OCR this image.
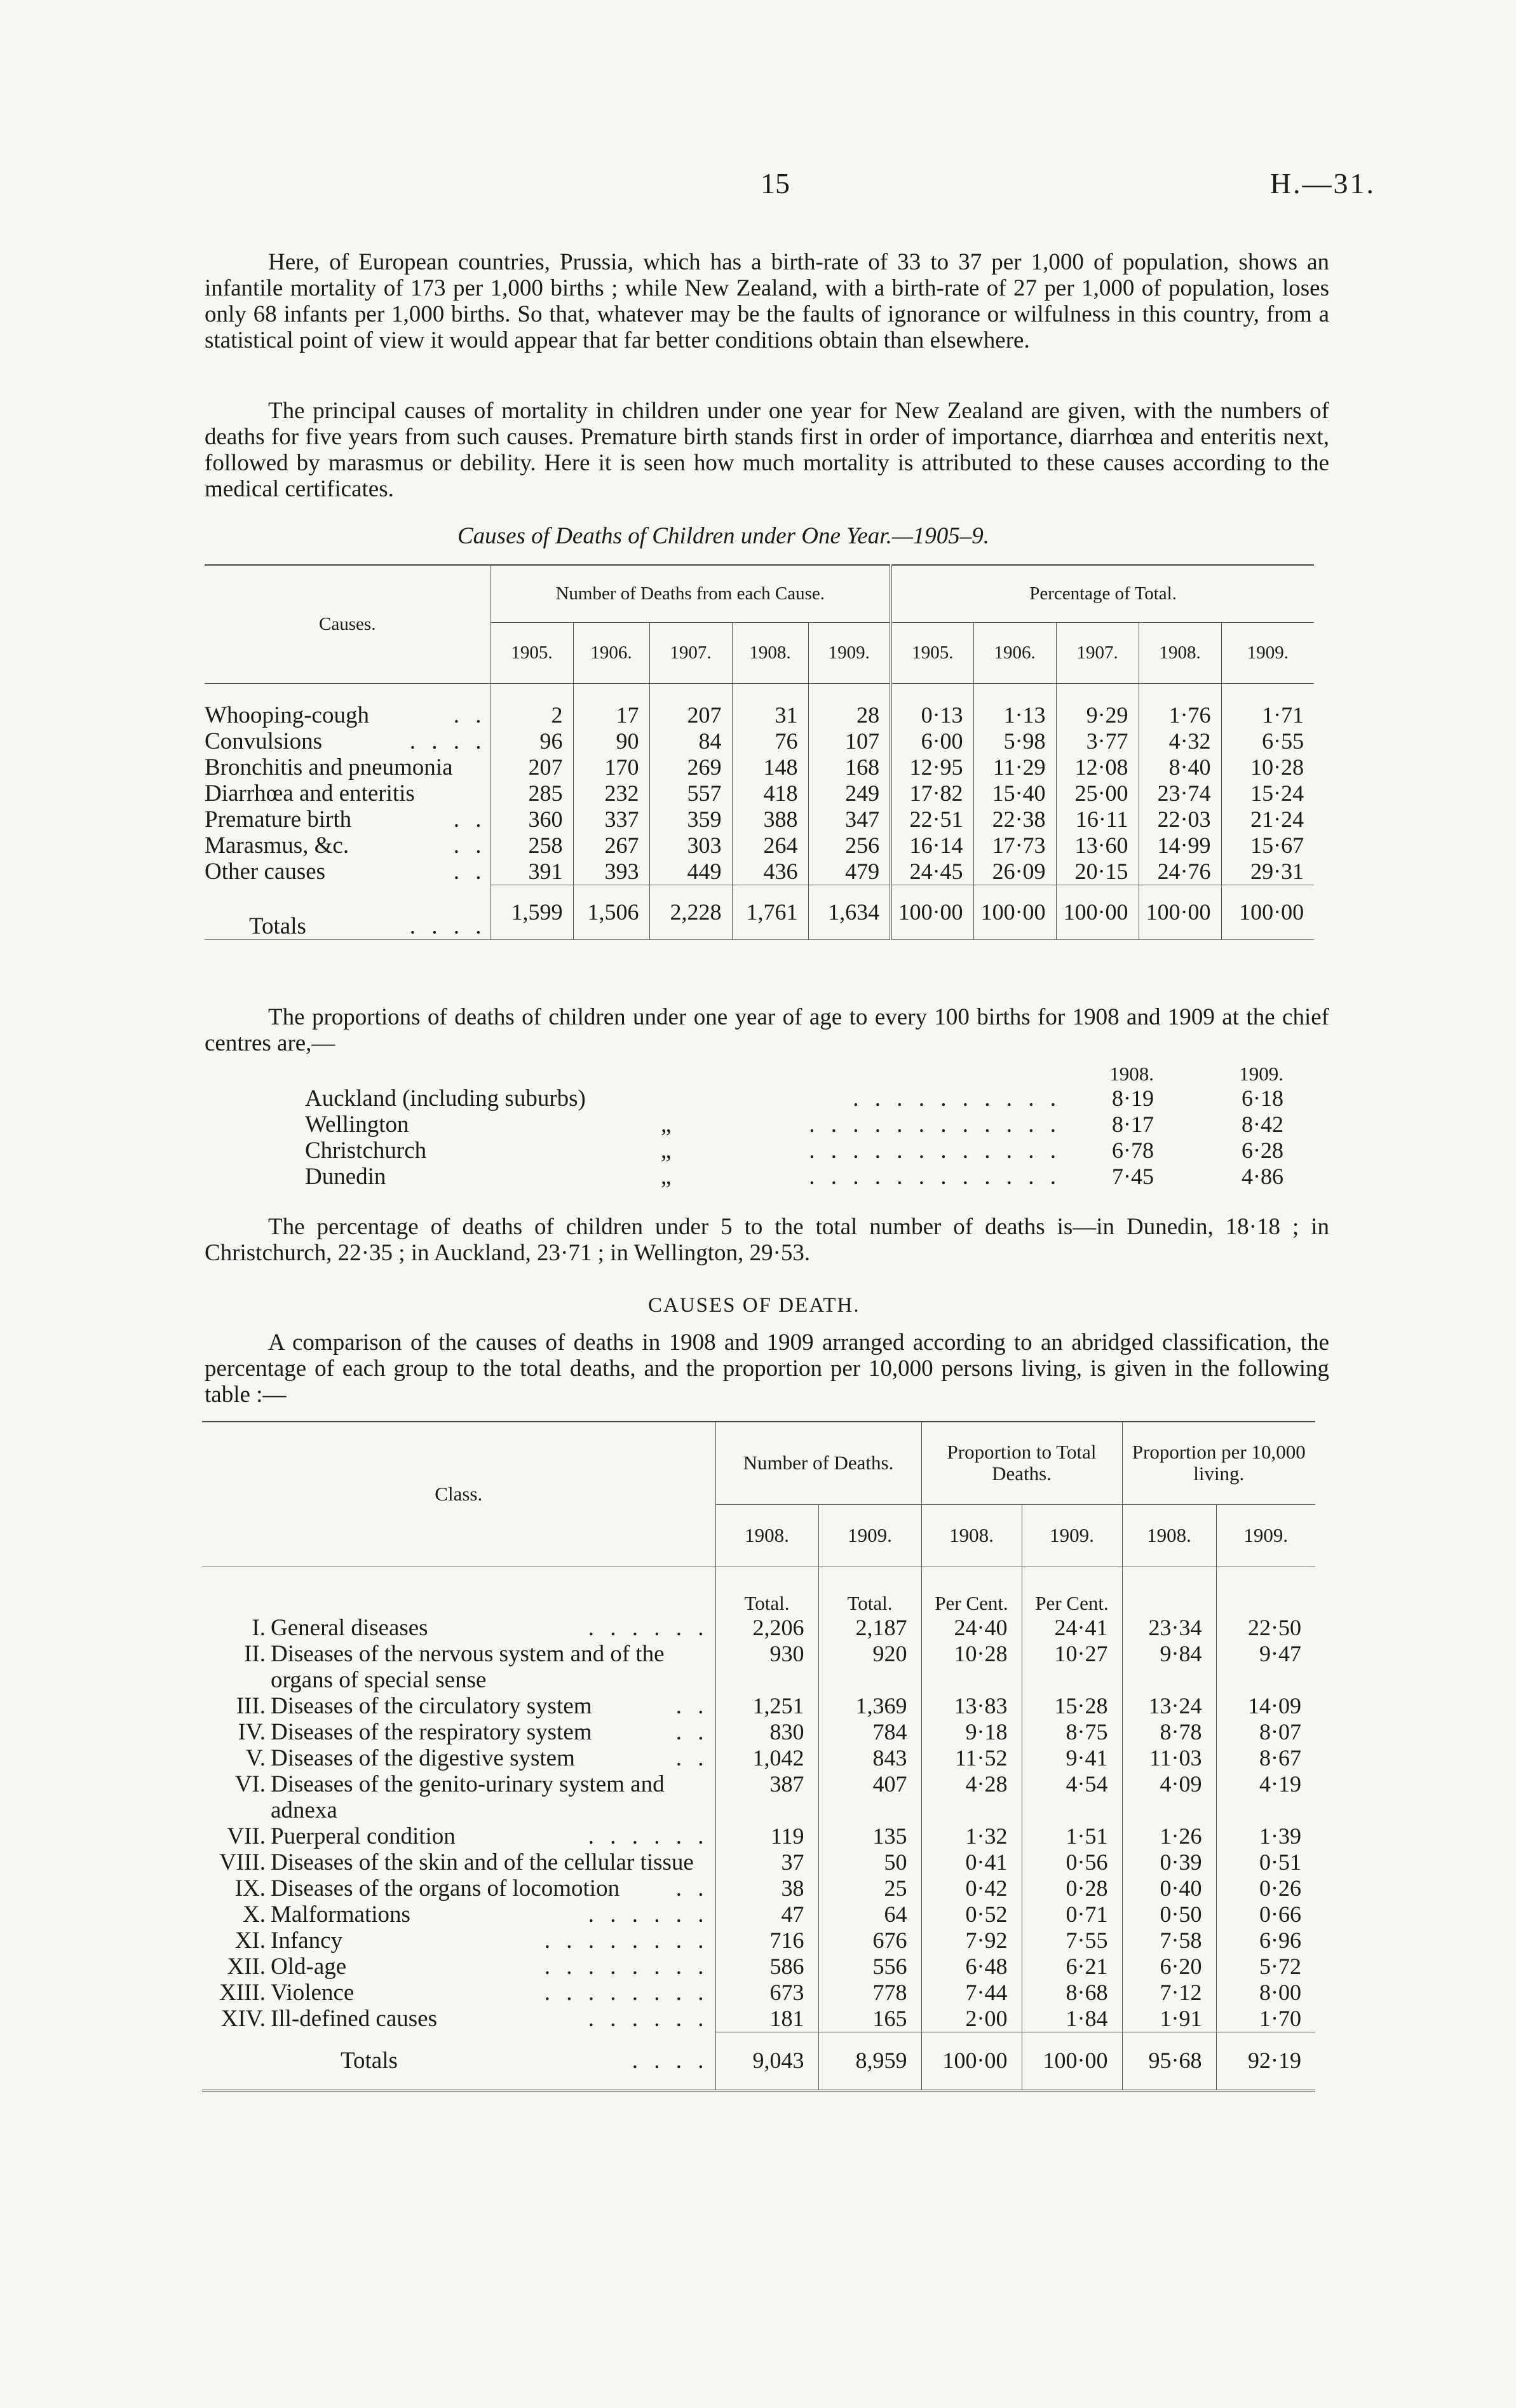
15	H.—31.

Here, of European countries, Prussia, which has a birth-rate of 33 to 37 per 1,000 of population, shows an infantile mortality of 173 per 1,000 births ; while New Zealand, with a birth-rate of 27 per 1,000 of population, loses only 68 infants per 1,000 births. So that, whatever may be the faults of ignorance or wilfulness in this country, from a statistical point of view it would appear that far better conditions obtain than elsewhere.

The principal causes of mortality in children under one year for New Zealand are given, with the numbers of deaths for five years from such causes. Premature birth stands first in order of importance, diarrhœa and enteritis next, followed by marasmus or debility. Here it is seen how much mortality is attributed to these causes according to the medical certificates.

Causes of Deaths of Children under One Year.—1905–9.
Causes.	Number of Deaths from each Cause.					Percentage of Total.				
	1905.	1906.	1907.	1908.	1909.	1905.	1906.	1907.	1908.	1909.

Whooping-cough . .	2	17	207	31	28	0·13	1·13	9·29	1·76	1·71
Convulsions . . . .	96	90	84	76	107	6·00	5·98	3·77	4·32	6·55
Bronchitis and pneumonia	207	170	269	148	168	12·95	11·29	12·08	8·40	10·28
Diarrhœa and enteritis	285	232	557	418	249	17·82	15·40	25·00	23·74	15·24
Premature birth . .	360	337	359	388	347	22·51	22·38	16·11	22·03	21·24
Marasmus, &c. . .	258	267	303	264	256	16·14	17·73	13·60	14·99	15·67
Other causes . .	391	393	449	436	479	24·45	26·09	20·15	24·76	29·31
Totals . . . .	1,599	1,506	2,228	1,761	1,634	100·00	100·00	100·00	100·00	100·00

The proportions of deaths of children under one year of age to every 100 births for 1908 and 1909 at the chief centres are,—

			1908.	1909.
Auckland (including suburbs)		. . . . . . . . . .	8·19	6·18
Wellington	„	. . . . . . . . . . . .	8·17	8·42
Christchurch	„	. . . . . . . . . . . .	6·78	6·28
Dunedin	„	. . . . . . . . . . . .	7·45	4·86

The percentage of deaths of children under 5 to the total number of deaths is—in Dunedin, 18·18 ; in Christchurch, 22·35 ; in Auckland, 23·71 ; in Wellington, 29·53.

CAUSES OF DEATH.

A comparison of the causes of deaths in 1908 and 1909 arranged according to an abridged classification, the percentage of each group to the total deaths, and the proportion per 10,000 persons living, is given in the following table :—

Class.		Number of Deaths.		Proportion to Total Deaths.		Proportion per 10,000 living.	
		1908.	1909.	1908.	1909.	1908.	1909.
		Total.	Total.	Per Cent.	Per Cent.		
I.	General diseases . . . . . .	2,206	2,187	24·40	24·41	23·34	22·50
II.	Diseases of the nervous system and of the organs of special sense	930	920	10·28	10·27	9·84	9·47
III.	Diseases of the circulatory system . .	1,251	1,369	13·83	15·28	13·24	14·09
IV.	Diseases of the respiratory system . .	830	784	9·18	8·75	8·78	8·07
V.	Diseases of the digestive system . .	1,042	843	11·52	9·41	11·03	8·67
VI.	Diseases of the genito-urinary system and adnexa	387	407	4·28	4·54	4·09	4·19
VII.	Puerperal condition . . . . . .	119	135	1·32	1·51	1·26	1·39
VIII.	Diseases of the skin and of the cellular tissue	37	50	0·41	0·56	0·39	0·51
IX.	Diseases of the organs of locomotion . .	38	25	0·42	0·28	0·40	0·26
X.	Malformations . . . . . .	47	64	0·52	0·71	0·50	0·66
XI.	Infancy . . . . . . . .	716	676	7·92	7·55	7·58	6·96
XII.	Old-age . . . . . . . .	586	556	6·48	6·21	6·20	5·72
XIII.	Violence . . . . . . . .	673	778	7·44	8·68	7·12	8·00
XIV.	Ill-defined causes . . . . . .	181	165	2·00	1·84	1·91	1·70
	Totals . . . .	9,043	8,959	100·00	100·00	95·68	92·19
